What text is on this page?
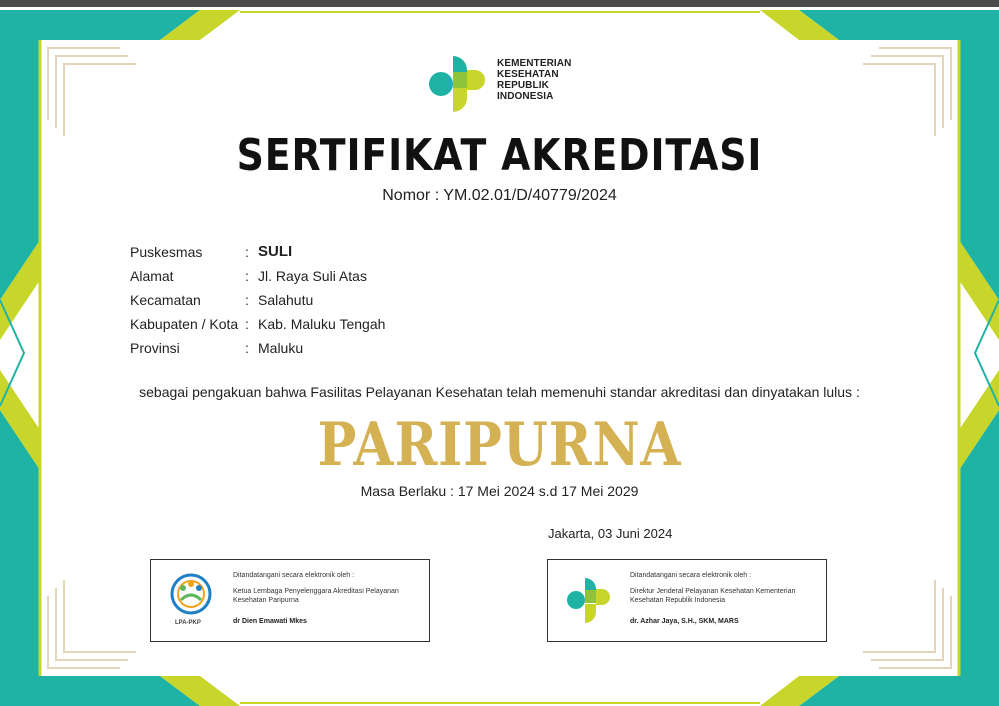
KEMENTERIAN
KESEHATAN
REPUBLIK
INDONESIA
SERTIFIKAT AKREDITASI
Nomor : YM.02.01/D/40779/2024
Puskesmas	: SULI
Alamat	: Jl. Raya Suli Atas
Kecamatan	: Salahutu
Kabupaten / Kota : Kab. Maluku Tengah
Provinsi	: Maluku
sebagai pengakuan bahwa Fasilitas Pelayanan Kesehatan telah memenuhi standar akreditasi dan dinyatakan lulus :
PARIPURNA
Masa Berlaku : 17 Mei 2024 s.d 17 Mei 2029
Jakarta, 03 Juni 2024
LPA-PKP
Ditandatangani secara elektronik oleh :
Ketua Lembaga Penyelenggara Akreditasi Pelayanan Kesehatan Paripurna
dr Dien Emawati Mkes
Ditandatangani secara elektronik oleh :
Direktur Jenderal Pelayanan Kesehatan Kementerian Kesehatan Republik Indonesia
dr. Azhar Jaya, S.H., SKM, MARS
